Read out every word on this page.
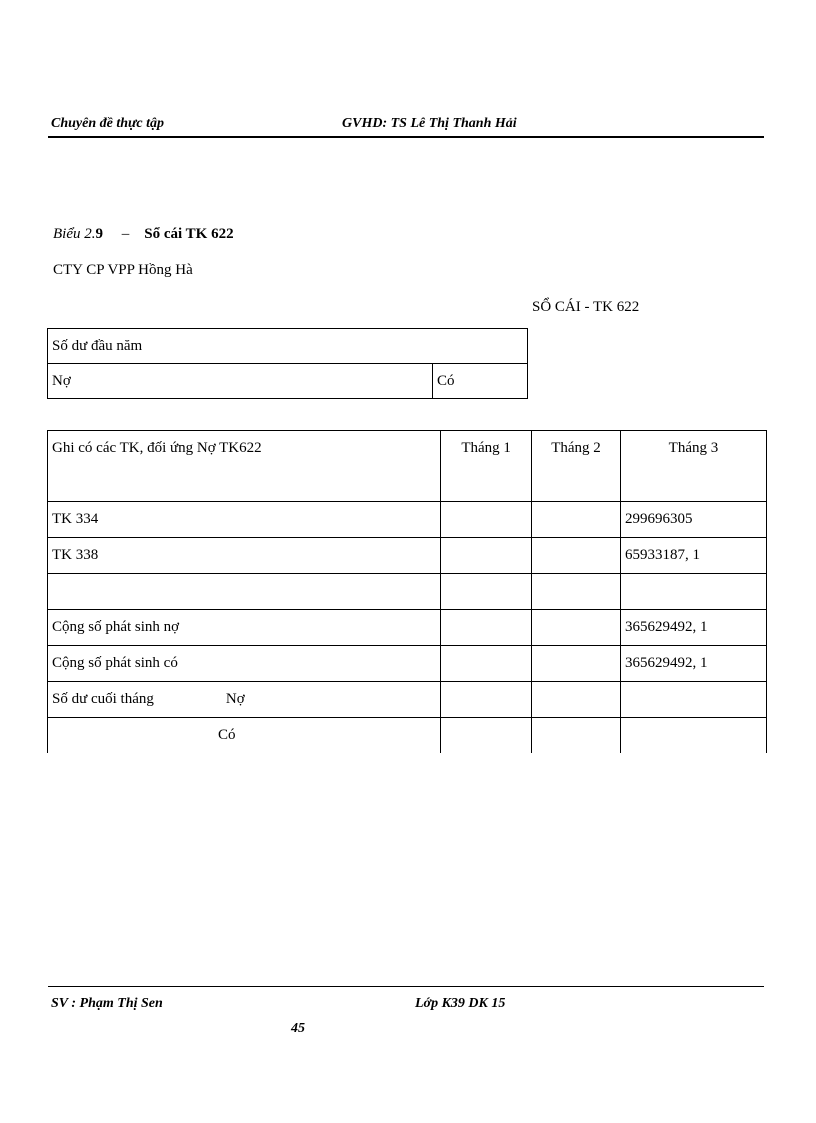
Chuyên đề thực tập	GVHD: TS Lê Thị Thanh Hải
Biểu 2.9 – Sổ cái TK 622
CTY CP VPP Hồng Hà
SỔ CÁI - TK 622
Số dư đầu năm
Nợ	Có
Ghi có các TK, đối ứng Nợ TK622	Tháng 1	Tháng 2	Tháng 3
TK 334			299696305
TK 338			65933187, 1

Cộng số phát sinh nợ			365629492, 1
Cộng số phát sinh có			365629492, 1
Số dư cuối tháng Nợ			
Có			
SV : Phạm Thị Sen	Lớp K39 DK 15
45
